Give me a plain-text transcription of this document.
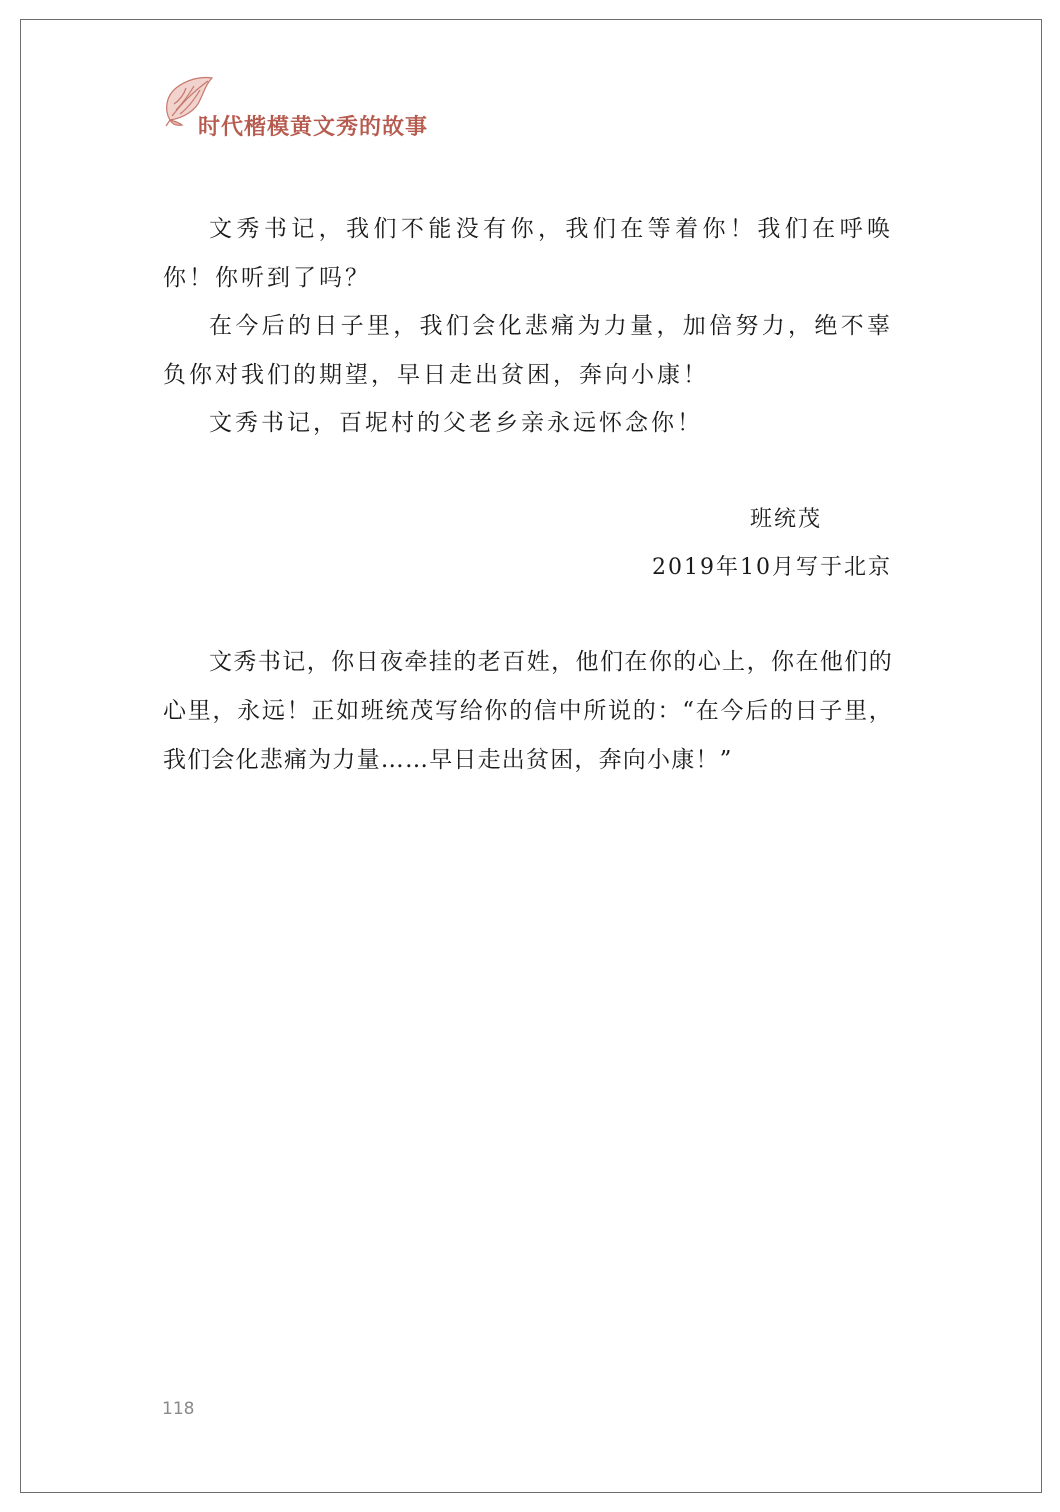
时代楷模黄文秀的故事

文秀书记，我们不能没有你，我们在等着你！我们在呼唤你！你听到了吗？

在今后的日子里，我们会化悲痛为力量，加倍努力，绝不辜负你对我们的期望，早日走出贫困，奔向小康！

文秀书记，百坭村的父老乡亲永远怀念你！

班统茂
2019年10月写于北京

文秀书记，你日夜牵挂的老百姓，他们在你的心上，你在他们的心里，永远！正如班统茂写给你的信中所说的：“在今后的日子里，我们会化悲痛为力量……早日走出贫困，奔向小康！”

118
